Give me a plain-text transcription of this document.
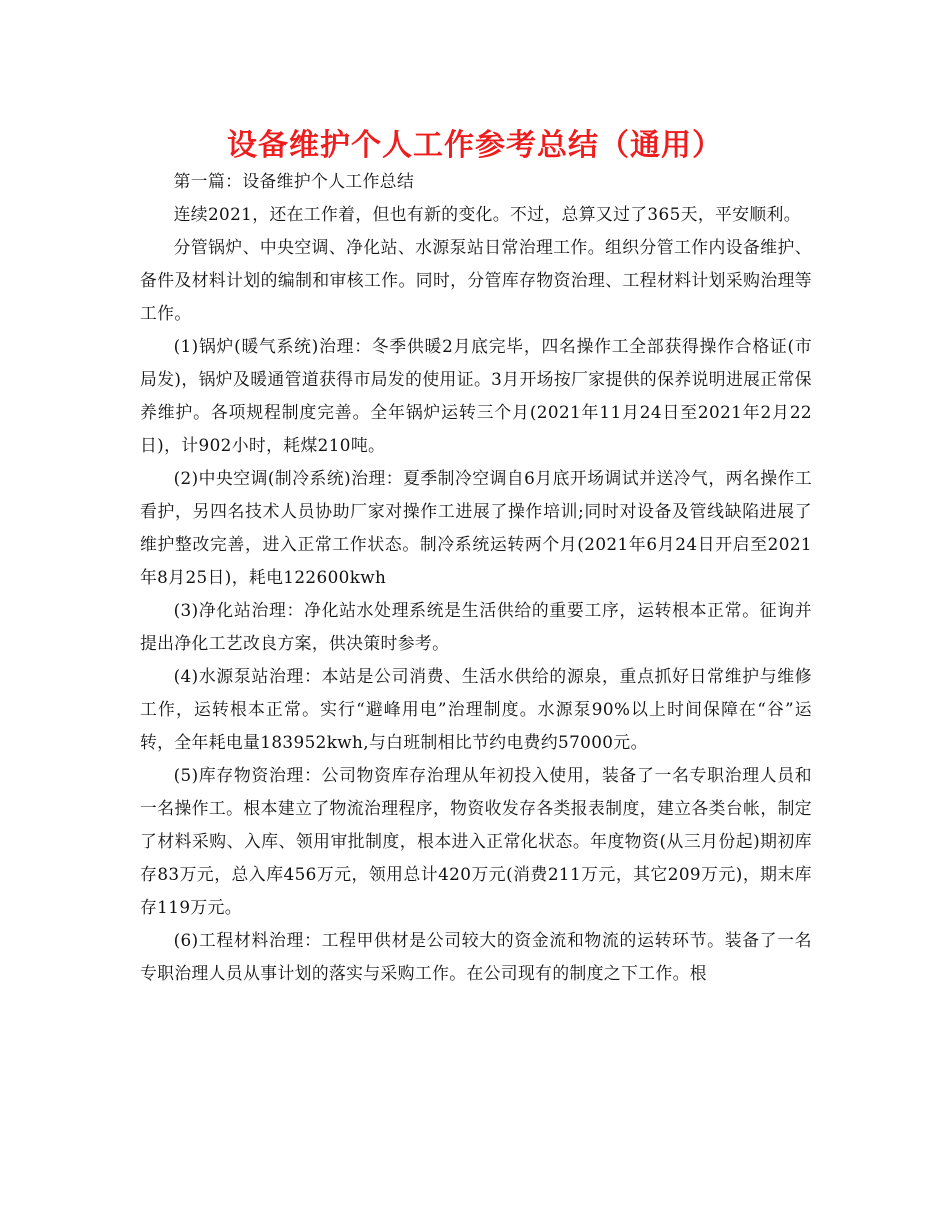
设备维护个人工作参考总结（通用）

第一篇：设备维护个人工作总结

连续2021，还在工作着，但也有新的变化。不过，总算又过了365天，平安顺利。

分管锅炉、中央空调、净化站、水源泵站日常治理工作。组织分管工作内设备维护、备件及材料计划的编制和审核工作。同时，分管库存物资治理、工程材料计划采购治理等工作。

(1)锅炉(暖气系统)治理：冬季供暖2月底完毕，四名操作工全部获得操作合格证(市局发)，锅炉及暖通管道获得市局发的使用证。3月开场按厂家提供的保养说明进展正常保养维护。各项规程制度完善。全年锅炉运转三个月(2021年11月24日至2021年2月22日)，计902小时，耗煤210吨。

(2)中央空调(制冷系统)治理：夏季制冷空调自6月底开场调试并送冷气，两名操作工看护，另四名技术人员协助厂家对操作工进展了操作培训;同时对设备及管线缺陷进展了维护整改完善，进入正常工作状态。制冷系统运转两个月(2021年6月24日开启至2021年8月25日)，耗电122600kwh

(3)净化站治理：净化站水处理系统是生活供给的重要工序，运转根本正常。征询并提出净化工艺改良方案，供决策时参考。

(4)水源泵站治理：本站是公司消费、生活水供给的源泉，重点抓好日常维护与维修工作，运转根本正常。实行“避峰用电”治理制度。水源泵90%以上时间保障在“谷”运转，全年耗电量183952kwh,与白班制相比节约电费约57000元。

(5)库存物资治理：公司物资库存治理从年初投入使用，装备了一名专职治理人员和一名操作工。根本建立了物流治理程序，物资收发存各类报表制度，建立各类台帐，制定了材料采购、入库、领用审批制度，根本进入正常化状态。年度物资(从三月份起)期初库存83万元，总入库456万元，领用总计420万元(消费211万元，其它209万元)，期末库存119万元。

(6)工程材料治理：工程甲供材是公司较大的资金流和物流的运转环节。装备了一名专职治理人员从事计划的落实与采购工作。在公司现有的制度之下工作。根
